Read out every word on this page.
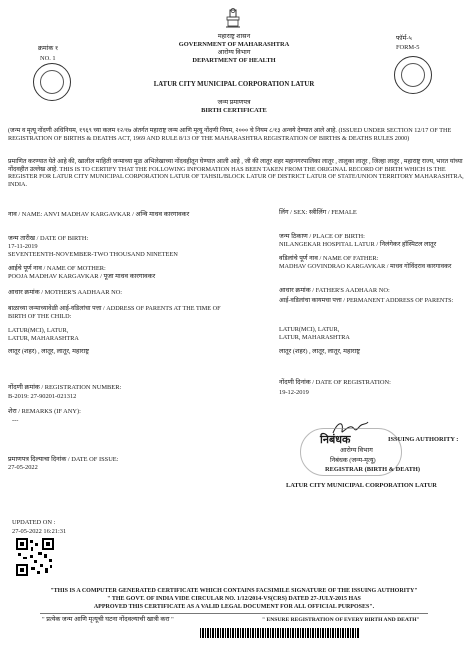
क्रमांक १
NO. 1
फॉर्म-५
FORM-5
महाराष्ट्र शासन
GOVERNMENT OF MAHARASHTRA
आरोग्य विभाग
DEPARTMENT OF HEALTH
LATUR CITY MUNICIPAL CORPORATION LATUR
जन्म प्रमाणपत्र
BIRTH CERTIFICATE
(जन्म व मृत्यू नोंदणी अधिनियम, १९६९ च्या कलम १२/१७ अंतर्गत महाराष्ट्र जन्म आणि मृत्यू नोंदणी नियम, २००० चे नियम ८/१३ अन्वये देण्यात आले आहे. (ISSUED UNDER SECTION 12/17 OF THE REGISTRATION OF BIRTHS & DEATHS ACT, 1969 AND RULE 8/13 OF THE MAHARASHTRA REGISTRATION OF BIRTHS & DEATHS RULES 2000)
प्रमाणित करण्यात येते आहे की, खालील माहिती जन्माच्या मूळ अभिलेखाच्या नोंदवहीतून घेण्यात आली आहे , जी की लातूर शहर महानगरपालिका लातूर , तालुका लातूर , जिल्हा लातूर , महाराष्ट्र राज्य, भारत यांच्या नोंदवहीत उल्लेख आहे. THIS IS TO CERTIFY THAT THE FOLLOWING INFORMATION HAS BEEN TAKEN FROM THE ORIGINAL RECORD OF BIRTH WHICH IS THE REGISTER FOR LATUR CITY MUNICIPAL CORPORATION LATUR OF TAHSIL/BLOCK LATUR OF DISTRICT LATUR OF STATE/UNION TERRITORY MAHARASHTRA, INDIA.
नाव / NAME: ANVI MADHAV KARGAVKAR / अन्वि माधव कारगावकर
जन्म तारीख / DATE OF BIRTH:
17-11-2019
SEVENTEENTH-NOVEMBER-TWO THOUSAND NINETEEN
आईचे पूर्ण नाव / NAME OF MOTHER:
POOJA MADHAV KARGAVKAR / पूजा माधव कारगावकर
आधार क्रमांक / MOTHER'S AADHAAR NO:
बाळाच्या जन्माच्यावेळी आई-वडिलांचा पत्ता / ADDRESS OF PARENTS AT THE TIME OF BIRTH OF THE CHILD:
LATUR(MCI), LATUR, LATUR, MAHARASHTRA
लातूर (शहर) , लातूर, लातूर, महाराष्ट्र
नोंदणी क्रमांक / REGISTRATION NUMBER:
B-2019: 27-90201-021312
शेरा / REMARKS (IF ANY):
---
प्रमाणपत्र दिल्याचा दिनांक / DATE OF ISSUE:
27-05-2022
लिंग / SEX: स्त्रीलिंग / FEMALE
जन्म ठिकाण / PLACE OF BIRTH:
NILANGEKAR HOSPITAL LATUR / निलंगेकर हॉस्पिटल लातूर
वडिलांचे पूर्ण नाव / NAME OF FATHER:
MADHAV GOVINDRAO KARGAVKAR / माधव गोविंदराव कारगावकर
आधार क्रमांक / FATHER'S AADHAAR NO:
आई-वडिलांचा कायमचा पत्ता / PERMANENT ADDRESS OF PARENTS:
LATUR(MCI), LATUR, LATUR, MAHARASHTRA
लातूर (शहर) , लातूर, लातूर, महाराष्ट्र
नोंदणी दिनांक / DATE OF REGISTRATION:
19-12-2019
निबंधक	ISSUING AUTHORITY :
आरोग्य विभाग
निबंधक (जन्म-मृत्यू)
REGISTRAR (BIRTH & DEATH)
LATUR CITY MUNICIPAL CORPORATION LATUR
UPDATED ON :
27-05-2022 16:21:31
"THIS IS A COMPUTER GENERATED CERTIFICATE WHICH CONTAINS FACSIMILE SIGNATURE OF THE ISSUING AUTHORITY"
" THE GOVT. OF INDIA VIDE CIRCULAR NO. 1/12/2014-VS(CRS) DATED 27-JULY-2015 HAS
APPROVED THIS CERTIFICATE AS A VALID LEGAL DOCUMENT FOR ALL OFFICIAL PURPOSES".
" प्रत्येक जन्म आणि मृत्यूची घटना नोंदवल्याची खात्री करा "	" ENSURE REGISTRATION OF EVERY BIRTH AND DEATH"
